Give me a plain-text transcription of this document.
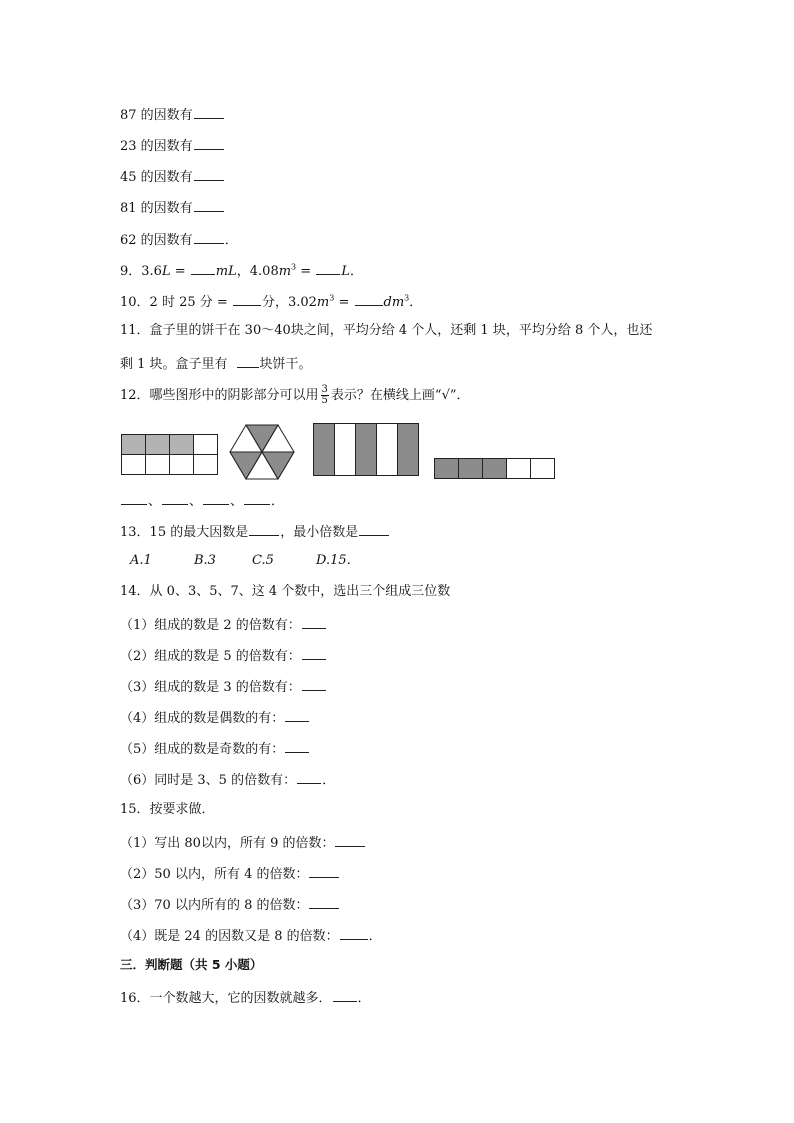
87 的因数有
23 的因数有
45 的因数有
81 的因数有
62 的因数有 ．
9．3.6L = mL，$4.08m^3 = L$．
10．2 时 25 分 = 分，$3.02m^3 = dm^3$．
11．盒子里的饼干在 30～40块之间，平均分给 4 个人，还剩 1 块，平均分给 8 个人，也还
剩 1 块。盒子里有 块饼干。
12．哪些图形中的阴影部分可以用 $\frac{3}{5}$ 表示？在横线上画“√”．
、 、 、 ．
13．15 的最大因数是 ，最小倍数是
A.1	B.3	C.5	D.15．
14．从 0、3、5、7、这 4 个数中，选出三个组成三位数
（1）组成的数是 2 的倍数有：
（2）组成的数是 5 的倍数有：
（3）组成的数是 3 的倍数有：
（4）组成的数是偶数的有：
（5）组成的数是奇数的有：
（6）同时是 3、5 的倍数有： ．
15．按要求做．
（1）写出 80以内，所有 9 的倍数：
（2）50 以内，所有 4 的倍数：
（3）70 以内所有的 8 的倍数：
（4）既是 24 的因数又是 8 的倍数： ．
三．判断题（共 5 小题）
16．一个数越大，它的因数就越多． ．
